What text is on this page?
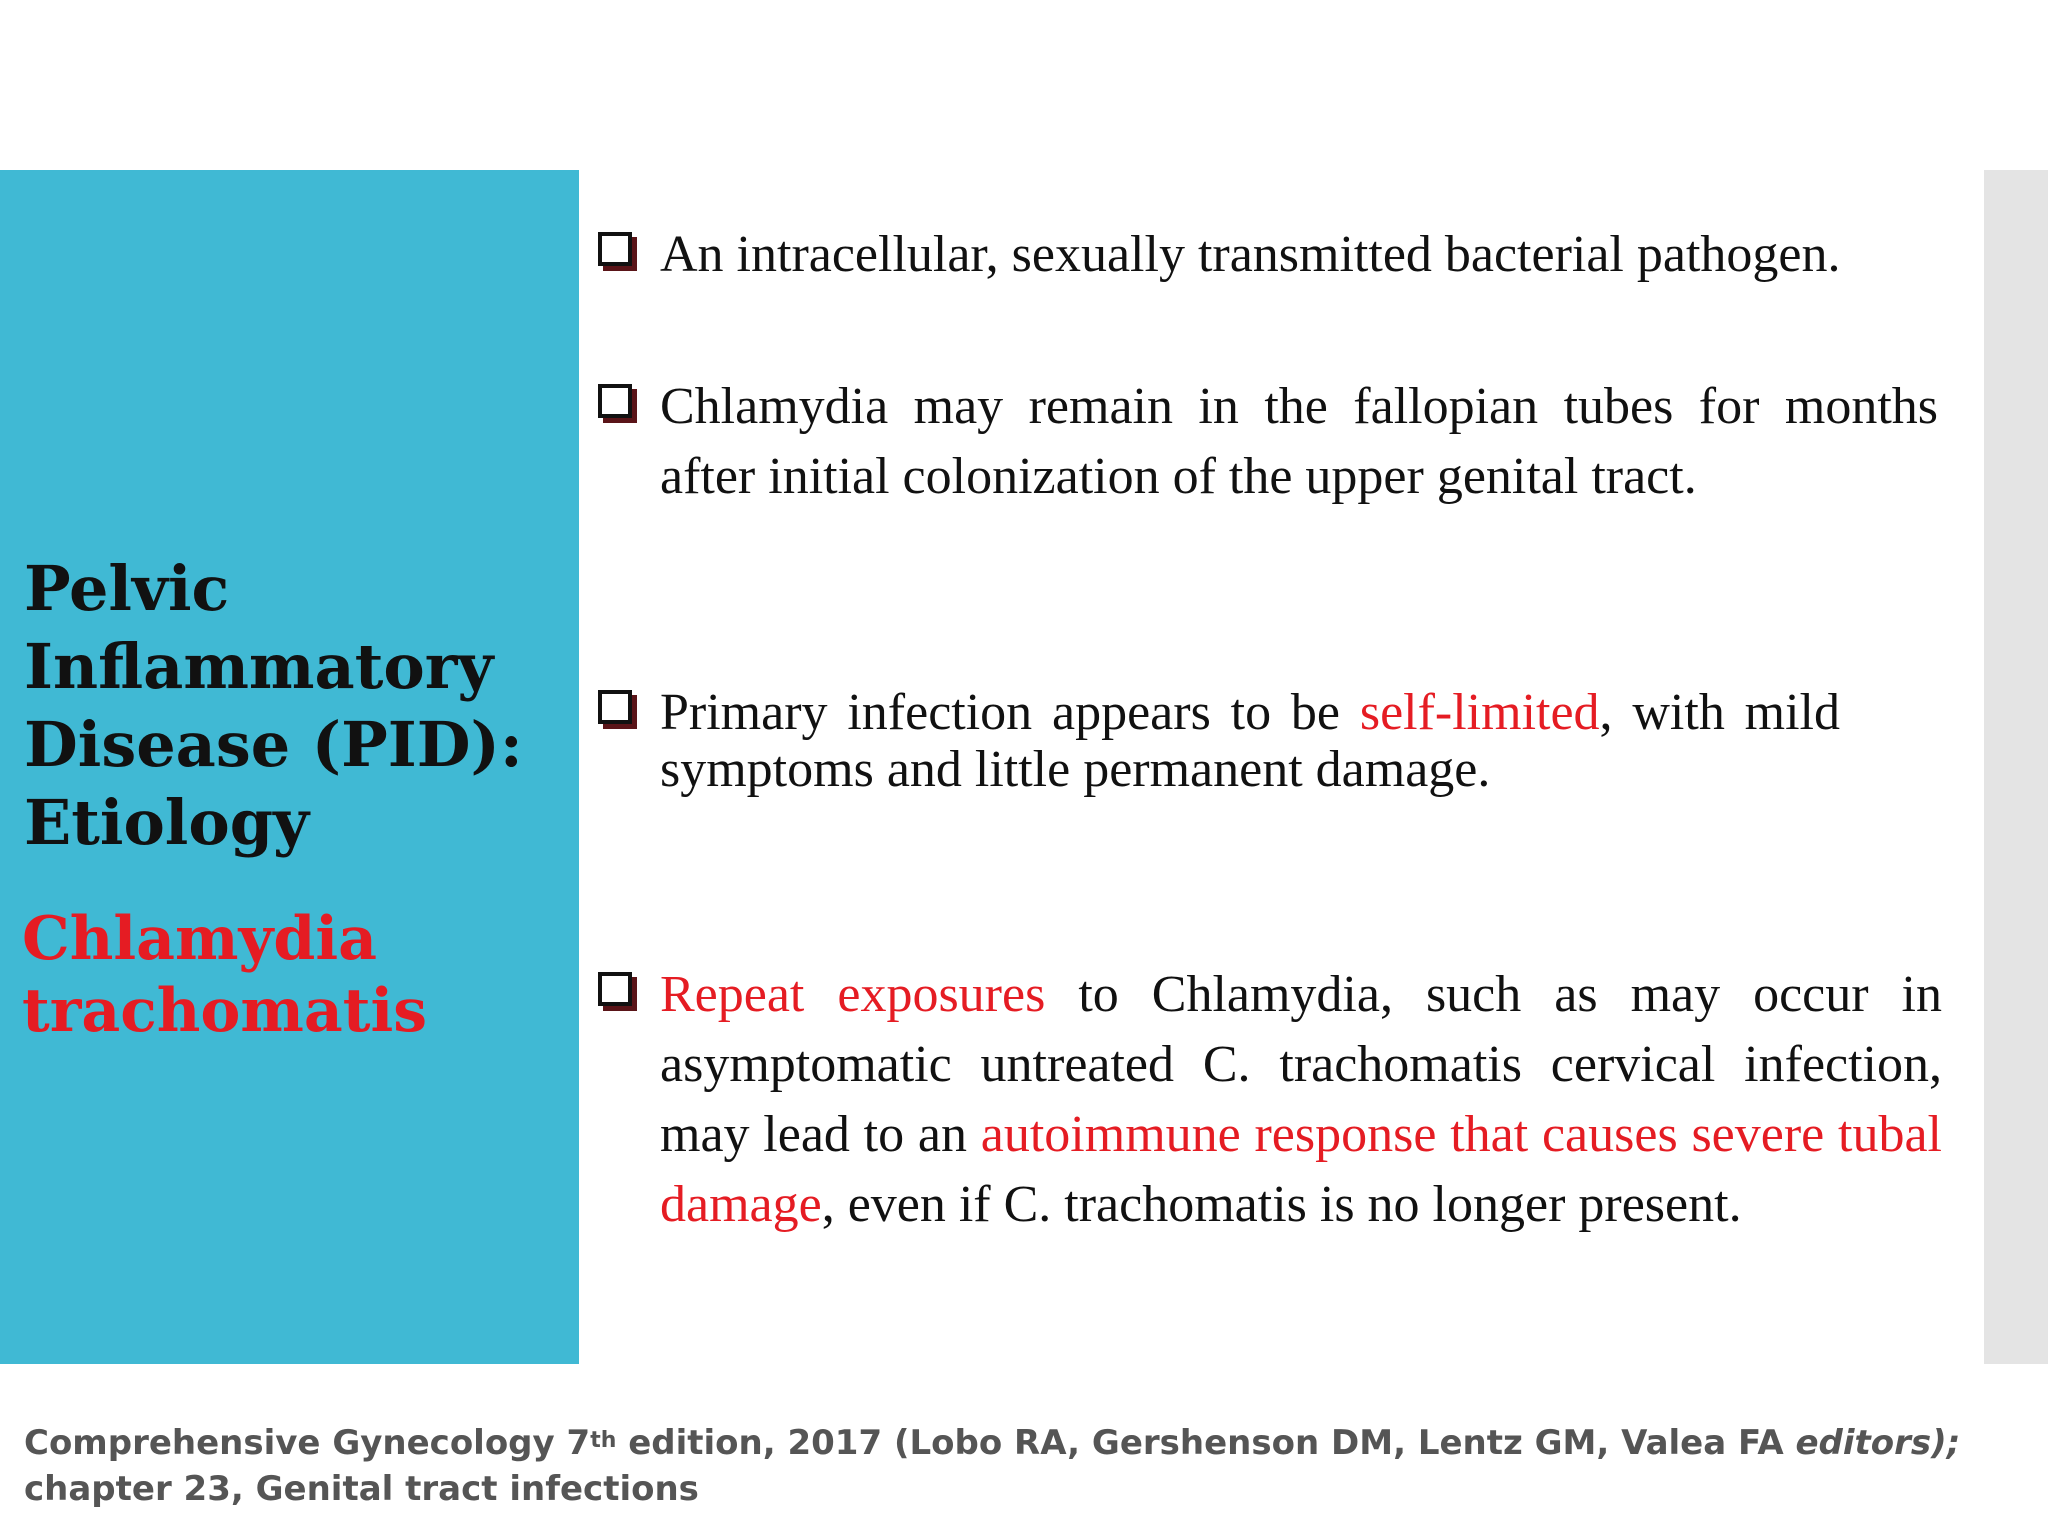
Pelvic Inflammatory Disease (PID): Etiology
Chlamydia trachomatis
An intracellular, sexually transmitted bacterial pathogen.
Chlamydia may remain in the fallopian tubes for months after initial colonization of the upper genital tract.
Primary infection appears to be self-limited, with mild symptoms and little permanent damage.
Repeat exposures to Chlamydia, such as may occur in asymptomatic untreated C. trachomatis cervical infection, may lead to an autoimmune response that causes severe tubal damage, even if C. trachomatis is no longer present.

Comprehensive Gynecology 7th edition, 2017 (Lobo RA, Gershenson DM, Lentz GM, Valea FA editors);
chapter 23, Genital tract infections
